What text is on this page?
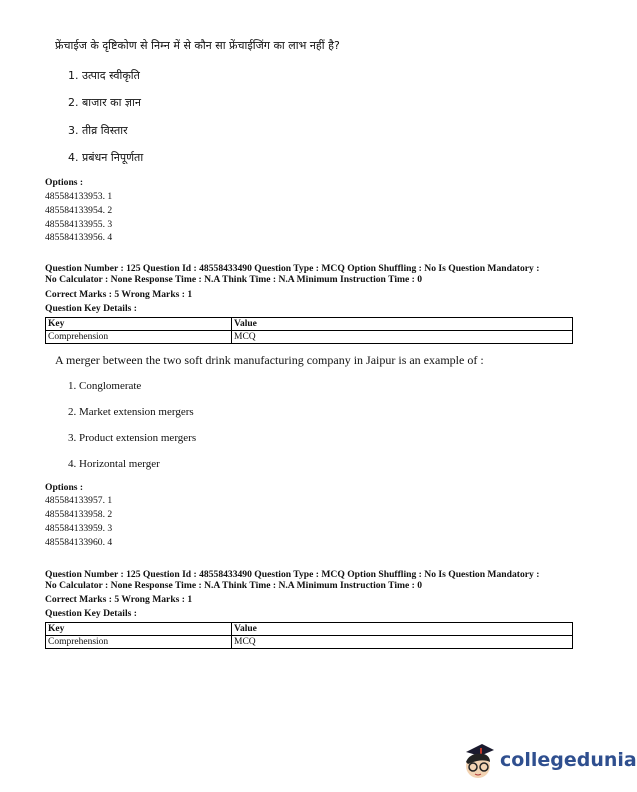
फ्रेंचाईज के दृष्टिकोण से निम्न में से कौन सा फ्रेंचाईजिंग का लाभ नहीं है?
1. उत्पाद स्वीकृति
2. बाजार का ज्ञान
3. तीव्र विस्तार
4. प्रबंधन निपूर्णता
Options :
485584133953. 1
485584133954. 2
485584133955. 3
485584133956. 4
Question Number : 125 Question Id : 48558433490 Question Type : MCQ Option Shuffling : No Is Question Mandatory :
No Calculator : None Response Time : N.A Think Time : N.A Minimum Instruction Time : 0
Correct Marks : 5 Wrong Marks : 1
Question Key Details :
Key	Value
Comprehension	MCQ
A merger between the two soft drink manufacturing company in Jaipur is an example of :
1. Conglomerate
2. Market extension mergers
3. Product extension mergers
4. Horizontal merger
Options :
485584133957. 1
485584133958. 2
485584133959. 3
485584133960. 4
Question Number : 125 Question Id : 48558433490 Question Type : MCQ Option Shuffling : No Is Question Mandatory :
No Calculator : None Response Time : N.A Think Time : N.A Minimum Instruction Time : 0
Correct Marks : 5 Wrong Marks : 1
Question Key Details :
Key	Value
Comprehension	MCQ
collegedunia
